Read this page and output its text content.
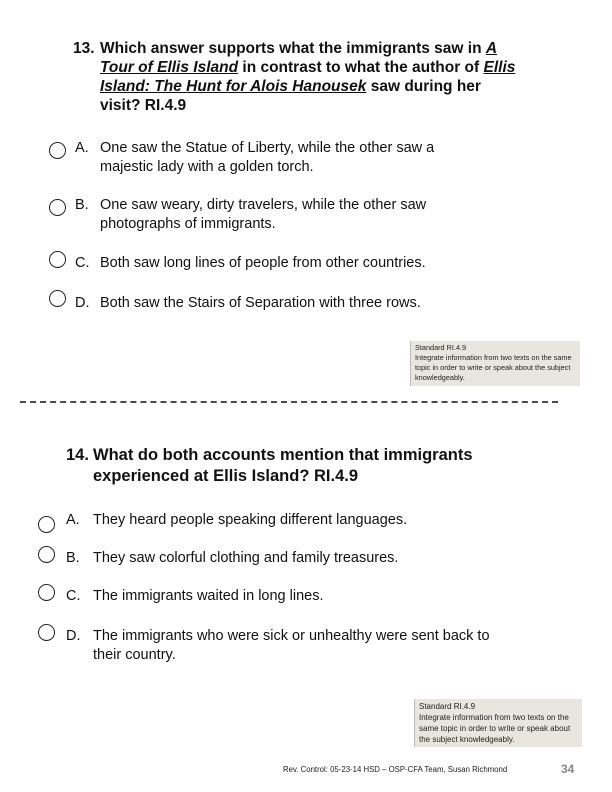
13. Which answer supports what the immigrants saw in A Tour of Ellis Island in contrast to what the author of Ellis Island: The Hunt for Alois Hanousek saw during her visit? RI.4.9
A. One saw the Statue of Liberty, while the other saw a majestic lady with a golden torch.
B. One saw weary, dirty travelers, while the other saw photographs of immigrants.
C. Both saw long lines of people from other countries.
D. Both saw the Stairs of Separation with three rows.
Standard RI.4.9
Integrate information from two texts on the same topic in order to write or speak about the subject knowledgeably.
14. What do both accounts mention that immigrants experienced at Ellis Island? RI.4.9
A. They heard people speaking different languages.
B. They saw colorful clothing and family treasures.
C. The immigrants waited in long lines.
D. The immigrants who were sick or unhealthy were sent back to their country.
Standard RI.4.9
Integrate information from two texts on the same topic in order to write or speak about the subject knowledgeably.
Rev. Control: 05-23-14 HSD – OSP-CFA Team, Susan Richmond	34
